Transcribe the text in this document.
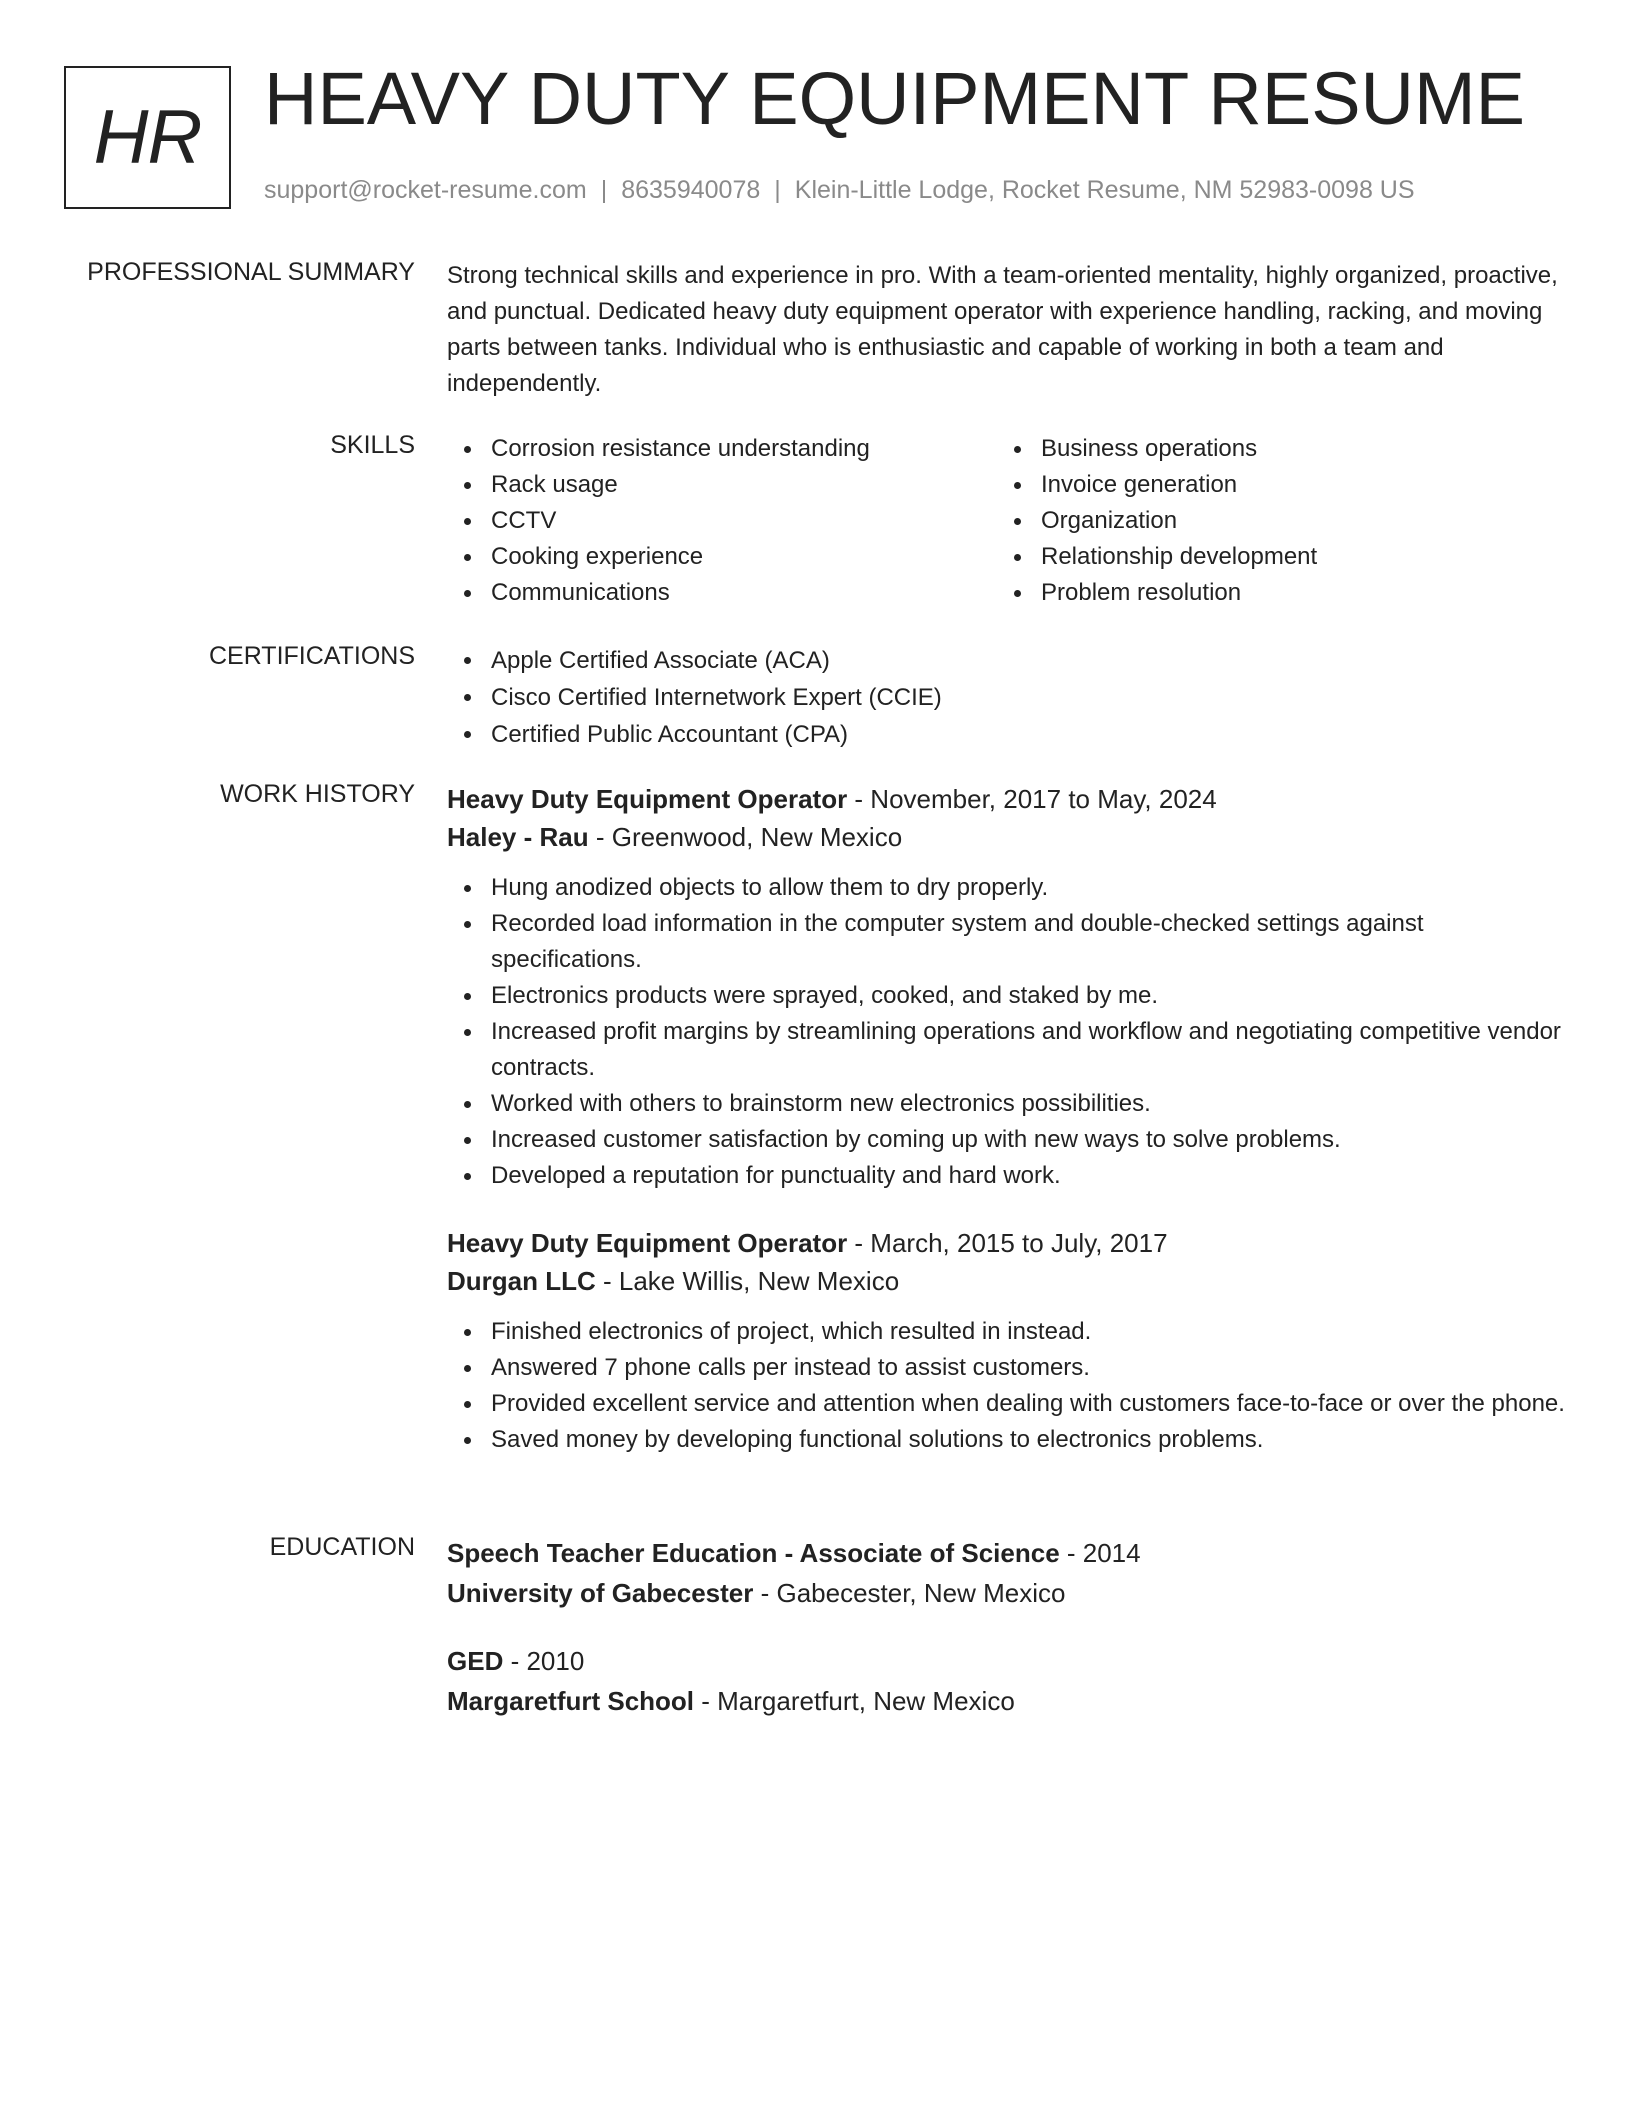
HR HEAVY DUTY EQUIPMENT RESUME
support@rocket-resume.com | 8635940078 | Klein-Little Lodge, Rocket Resume, NM 52983-0098 US
PROFESSIONAL SUMMARY Strong technical skills and experience in pro. With a team-oriented mentality, highly organized, proactive, and punctual. Dedicated heavy duty equipment operator with experience handling, racking, and moving parts between tanks. Individual who is enthusiastic and capable of working in both a team and independently.
SKILLS	Corrosion resistance understanding
Rack usage
CCTV
Cooking experience
Communications
Business operations
Invoice generation
Organization
Relationship development
Problem resolution
CERTIFICATIONS	Apple Certified Associate (ACA)
Cisco Certified Internetwork Expert (CCIE)
Certified Public Accountant (CPA)
WORK HISTORY Heavy Duty Equipment Operator - November, 2017 to May, 2024
Haley - Rau - Greenwood, New Mexico
Hung anodized objects to allow them to dry properly.
Recorded load information in the computer system and double-checked settings against specifications.
Electronics products were sprayed, cooked, and staked by me.
Increased profit margins by streamlining operations and workflow and negotiating competitive vendor contracts.
Worked with others to brainstorm new electronics possibilities.
Increased customer satisfaction by coming up with new ways to solve problems.
Developed a reputation for punctuality and hard work.
Heavy Duty Equipment Operator - March, 2015 to July, 2017
Durgan LLC - Lake Willis, New Mexico
Finished electronics of project, which resulted in instead.
Answered 7 phone calls per instead to assist customers.
Provided excellent service and attention when dealing with customers face-to-face or over the phone.
Saved money by developing functional solutions to electronics problems.
EDUCATION Speech Teacher Education - Associate of Science - 2014
University of Gabecester - Gabecester, New Mexico
GED - 2010
Margaretfurt School - Margaretfurt, New Mexico
